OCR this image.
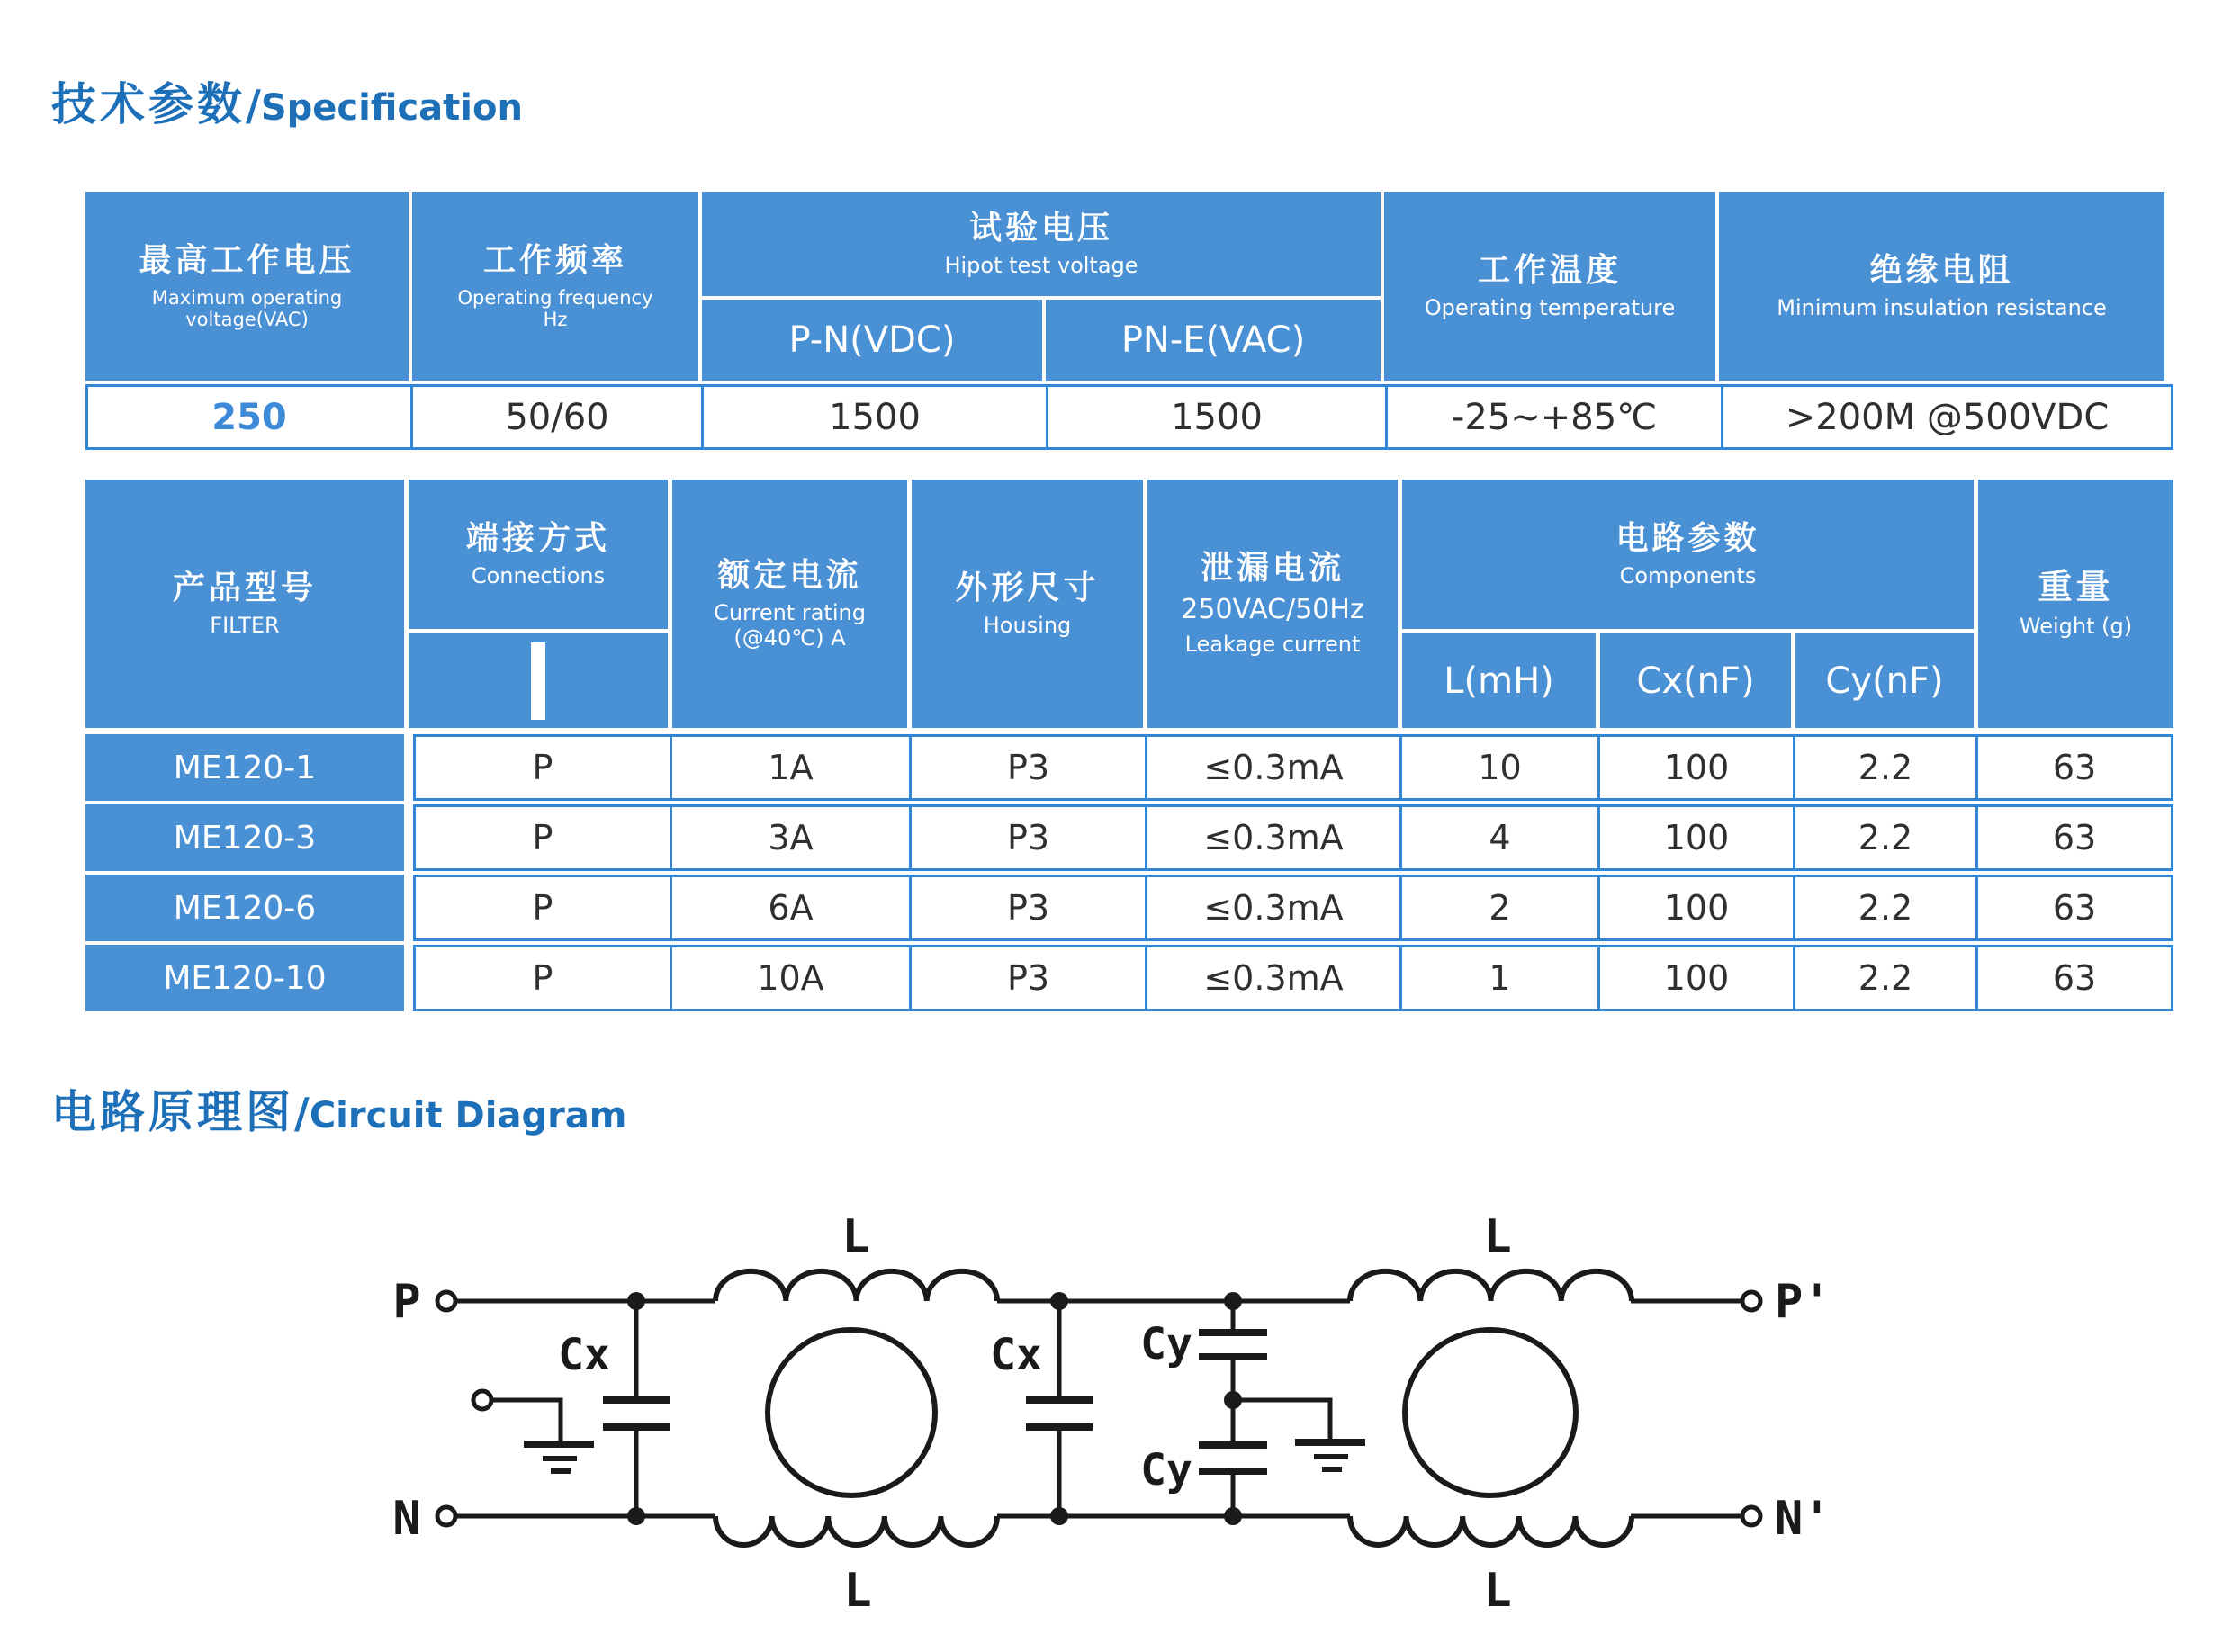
技术参数/Specification
最高工作电压
Maximum operating
voltage(VAC)
工作频率
Operating frequency
Hz
试验电压
Hipot test voltage
P-N(VDC)	PN-E(VAC)
工作温度
Operating temperature
绝缘电阻
Minimum insulation resistance
250	50/60	1500	1500	-25~+85℃	>200M @500VDC
产品型号
FILTER
端接方式
Connections	额定电流
Current rating
(@40℃) A
外形尺寸
Housing
泄漏电流
250VAC/50Hz
Leakage current
电路参数
Components
L(mH) Cx(nF) Cy(nF)
重量
Weight (g)
ME120-1	P	1A	P3	≤0.3mA	10	100	2.2	63
ME120-3	P	3A	P3	≤0.3mA	4	100	2.2	63
ME120-6	P	6A	P3	≤0.3mA	2	100	2.2	63
ME120-10	P	10A	P3	≤0.3mA	1	100	2.2	63
电路原理图/Circuit Diagram
P
N
P'
N'
L
L
L
L
Cx	Cx Cy
Cy
